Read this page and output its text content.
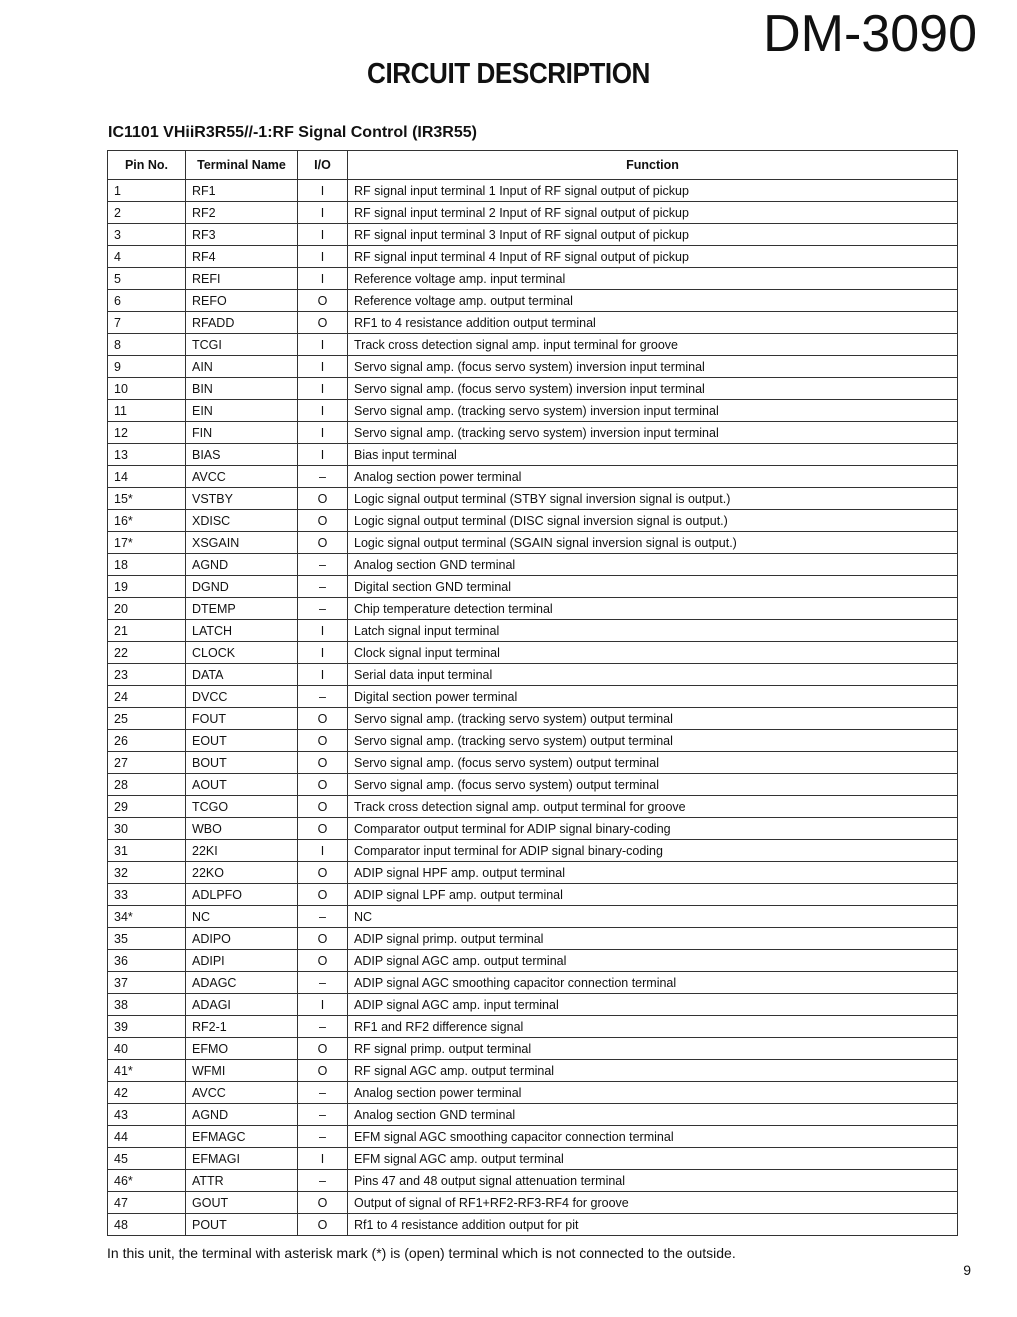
DM-3090
CIRCUIT DESCRIPTION
IC1101 VHiiR3R55//-1:RF Signal Control (IR3R55)
Pin No.	Terminal Name	I/O	Function
1	RF1	I	RF signal input terminal 1 Input of RF signal output of pickup
2	RF2	I	RF signal input terminal 2 Input of RF signal output of pickup
3	RF3	I	RF signal input terminal 3 Input of RF signal output of pickup
4	RF4	I	RF signal input terminal 4 Input of RF signal output of pickup
5	REFI	I	Reference voltage amp. input terminal
6	REFO	O	Reference voltage amp. output terminal
7	RFADD	O	RF1 to 4 resistance addition output terminal
8	TCGI	I	Track cross detection signal amp. input terminal for groove
9	AIN	I	Servo signal amp. (focus servo system) inversion input terminal
10	BIN	I	Servo signal amp. (focus servo system) inversion input terminal
11	EIN	I	Servo signal amp. (tracking servo system) inversion input terminal
12	FIN	I	Servo signal amp. (tracking servo system) inversion input terminal
13	BIAS	I	Bias input terminal
14	AVCC	–	Analog section power terminal
15*	VSTBY	O	Logic signal output terminal (STBY signal inversion signal is output.)
16*	XDISC	O	Logic signal output terminal (DISC signal inversion signal is output.)
17*	XSGAIN	O	Logic signal output terminal (SGAIN signal inversion signal is output.)
18	AGND	–	Analog section GND terminal
19	DGND	–	Digital section GND terminal
20	DTEMP	–	Chip temperature detection terminal
21	LATCH	I	Latch signal input terminal
22	CLOCK	I	Clock signal input terminal
23	DATA	I	Serial data input terminal
24	DVCC	–	Digital section power terminal
25	FOUT	O	Servo signal amp. (tracking servo system) output terminal
26	EOUT	O	Servo signal amp. (tracking servo system) output terminal
27	BOUT	O	Servo signal amp. (focus servo system) output terminal
28	AOUT	O	Servo signal amp. (focus servo system) output terminal
29	TCGO	O	Track cross detection signal amp. output terminal for groove
30	WBO	O	Comparator output terminal for ADIP signal binary-coding
31	22KI	I	Comparator input terminal for ADIP signal binary-coding
32	22KO	O	ADIP signal HPF amp. output terminal
33	ADLPFO	O	ADIP signal LPF amp. output terminal
34*	NC	–	NC
35	ADIPO	O	ADIP signal primp. output terminal
36	ADIPI	O	ADIP signal AGC amp. output terminal
37	ADAGC	–	ADIP signal AGC smoothing capacitor connection terminal
38	ADAGI	I	ADIP signal AGC amp. input terminal
39	RF2-1	–	RF1 and RF2 difference signal
40	EFMO	O	RF signal primp. output terminal
41*	WFMI	O	RF signal AGC amp. output terminal
42	AVCC	–	Analog section power terminal
43	AGND	–	Analog section GND terminal
44	EFMAGC	–	EFM signal AGC smoothing capacitor connection terminal
45	EFMAGI	I	EFM signal AGC amp. output terminal
46*	ATTR	–	Pins 47 and 48 output signal attenuation terminal
47	GOUT	O	Output of signal of RF1+RF2-RF3-RF4 for groove
48	POUT	O	Rf1 to 4 resistance addition output for pit
In this unit, the terminal with asterisk mark (*) is (open) terminal which is not connected to the outside.
9
